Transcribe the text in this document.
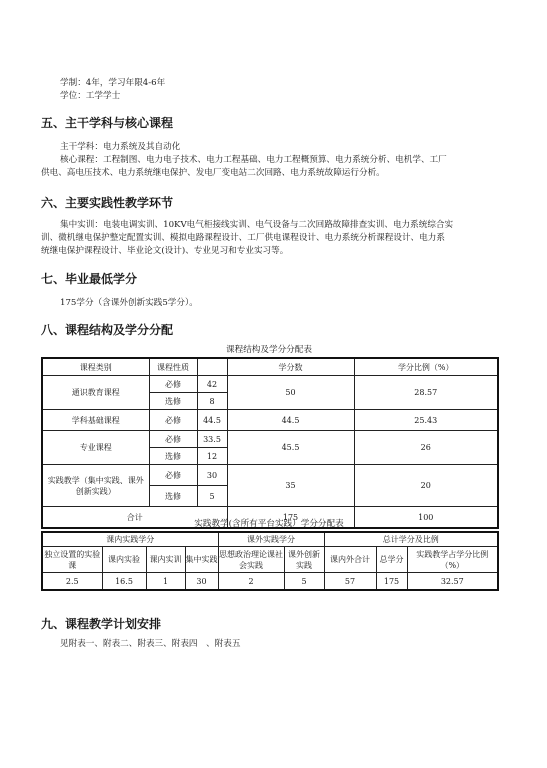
学制：4年，学习年限4-6年
学位：工学学士
五、主干学科与核心课程
主干学科：电力系统及其自动化
核心课程：工程制图、电力电子技术、电力工程基础、电力工程概预算、电力系统分析、电机学、工厂
供电、高电压技术、电力系统继电保护、发电厂变电站二次回路、电力系统故障运行分析。
六、主要实践性教学环节
集中实训：电装电调实训、10KV电气柜接线实训、电气设备与二次回路故障排查实训、电力系统综合实
训、微机继电保护整定配置实训、模拟电路课程设计、工厂供电课程设计、电力系统分析课程设计、电力系
统继电保护课程设计、毕业论文(设计)、专业见习和专业实习等。
七、毕业最低学分
175学分（含课外创新实践5学分）。
八、课程结构及学分分配
课程结构及学分分配表
课程类别	课程性质		学分数	学分比例（%）
通识教育课程	必修	42	50	28.57
	选修	8		
学科基础课程	必修	44.5	44.5	25.43
专业课程	必修	33.5	45.5	26
	选修	12		

实践教学（集中实践、课外
创新实践）	必修	30	35	20
	选修	5		
合计			175	100
实践教学(含所有平台实践）学分分配表
课内实践学分				课外实践学分		总计学分及比例		
独立设置的实验课	课内实验	课内实训	集中实践	思想政治理论课社会实践	课外创新实践	课内外合计	总学分	实践教学占学分比例（%）
2.5	16.5	1	30	2	5	57	175	32.57
九、课程教学计划安排
见附表一、附表二、附表三、附表四　、附表五
